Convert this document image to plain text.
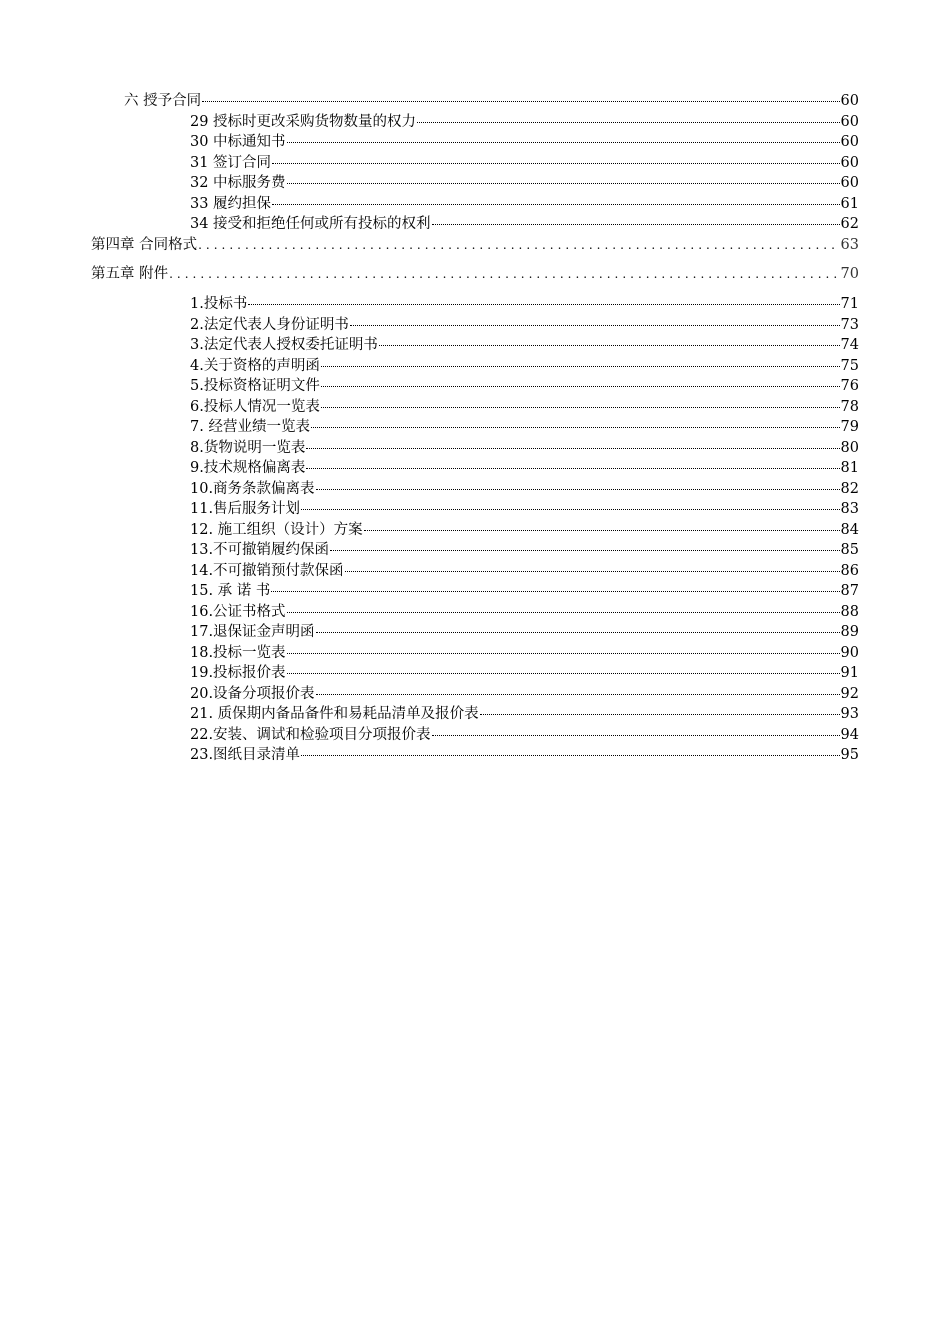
六 授予合同	60
29 授标时更改采购货物数量的权力	60
30 中标通知书	60
31 签订合同	60
32 中标服务费	60
33 履约担保	61
34 接受和拒绝任何或所有投标的权利	62
第四章 合同格式 .....	63
第五章 附件 .....	70
1.投标书	71
2.法定代表人身份证明书	73
3.法定代表人授权委托证明书	74
4.关于资格的声明函	75
5.投标资格证明文件	76
6.投标人情况一览表	78
7. 经营业绩一览表	79
8.货物说明一览表	80
9.技术规格偏离表	81
10.商务条款偏离表	82
11.售后服务计划	83
12. 施工组织（设计）方案	84
13.不可撤销履约保函	85
14.不可撤销预付款保函	86
15. 承 诺 书	87
16.公证书格式	88
17.退保证金声明函	89
18.投标一览表	90
19.投标报价表	91
20.设备分项报价表	92
21. 质保期内备品备件和易耗品清单及报价表	93
22.安装、调试和检验项目分项报价表	94
23.图纸目录清单	95
